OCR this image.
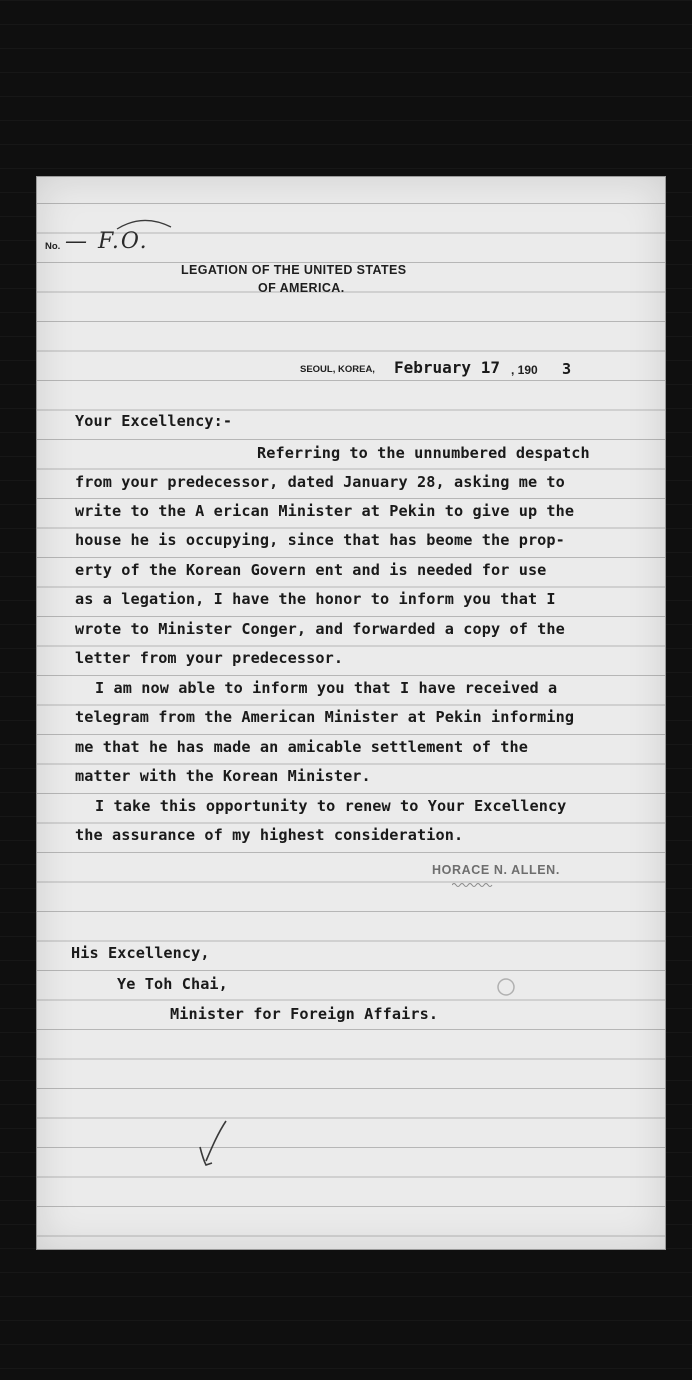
No. — F.O.
LEGATION OF THE UNITED STATES
OF AMERICA.
SEOUL, KOREA, February 17 , 190 3
Your Excellency:-
Referring to the unnumbered despatch
from your predecessor, dated January 28, asking me to
write to the A erican Minister at Pekin to give up the
house he is occupying, since that has beome the prop-
erty of the Korean Govern ent and is needed for use
as a legation, I have the honor to inform you that I
wrote to Minister Conger, and forwarded a copy of the
letter from your predecessor.
I am now able to inform you that I have received a
telegram from the American Minister at Pekin informing
me that he has made an amicable settlement of the
matter with the Korean Minister.
I take this opportunity to renew to Your Excellency
the assurance of my highest consideration.
HORACE N. ALLEN.
His Excellency,
Ye Toh Chai,
Minister for Foreign Affairs.
